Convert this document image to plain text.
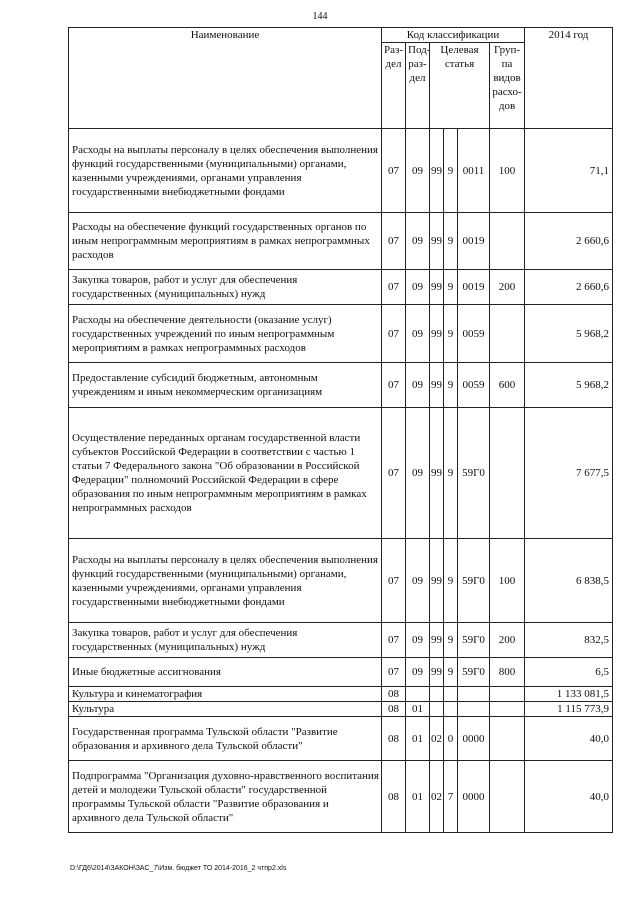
144
Наименование	Код классификации						2014 год
	Раз-дел	Под-раз-дел	Целевая статья			Груп-па видов расхо-дов	
Расходы на выплаты персоналу в целях обеспечения выполнения функций государственными (муниципальными) органами, казенными учреждениями, органами управления государственными внебюджетными фондами	07	09	99	9	0011	100	71,1
Расходы на обеспечение функций государственных органов по иным непрограммным мероприятиям в рамках непрограммных расходов	07	09	99	9	0019		2 660,6
Закупка товаров, работ и услуг для обеспечения государственных (муниципальных) нужд	07	09	99	9	0019	200	2 660,6
Расходы на обеспечение деятельности (оказание услуг) государственных учреждений по иным непрограммным мероприятиям в рамках непрограммных расходов	07	09	99	9	0059		5 968,2
Предоставление субсидий бюджетным, автономным учреждениям и иным некоммерческим организациям	07	09	99	9	0059	600	5 968,2
Осуществление переданных органам государственной власти субъектов Российской Федерации в соответствии с частью 1 статьи 7 Федерального закона "Об образовании в Российской Федерации" полномочий Российской Федерации в сфере образования по иным непрограммным мероприятиям в рамках непрограммных расходов	07	09	99	9	59Г0		7 677,5
Расходы на выплаты персоналу в целях обеспечения выполнения функций государственными (муниципальными) органами, казенными учреждениями, органами управления государственными внебюджетными фондами	07	09	99	9	59Г0	100	6 838,5
Закупка товаров, работ и услуг для обеспечения государственных (муниципальных) нужд	07	09	99	9	59Г0	200	832,5
Иные бюджетные ассигнования	07	09	99	9	59Г0	800	6,5
Культура и кинематография	08						1 133 081,5
Культура	08	01					1 115 773,9
Государственная программа Тульской области "Развитие образования и архивного дела Тульской области"	08	01	02	0	0000		40,0
Подпрограмма "Организация духовно-нравственного воспитания детей и молодежи Тульской области" государственной программы Тульской области "Развитие образования и архивного дела Тульской области"	08	01	02	7	0000		40,0
D:\ГД6\2014\ЗАКОН\ЗАС_7\Изм. бюджет ТО 2014-2016_2 чтпр2.xls
